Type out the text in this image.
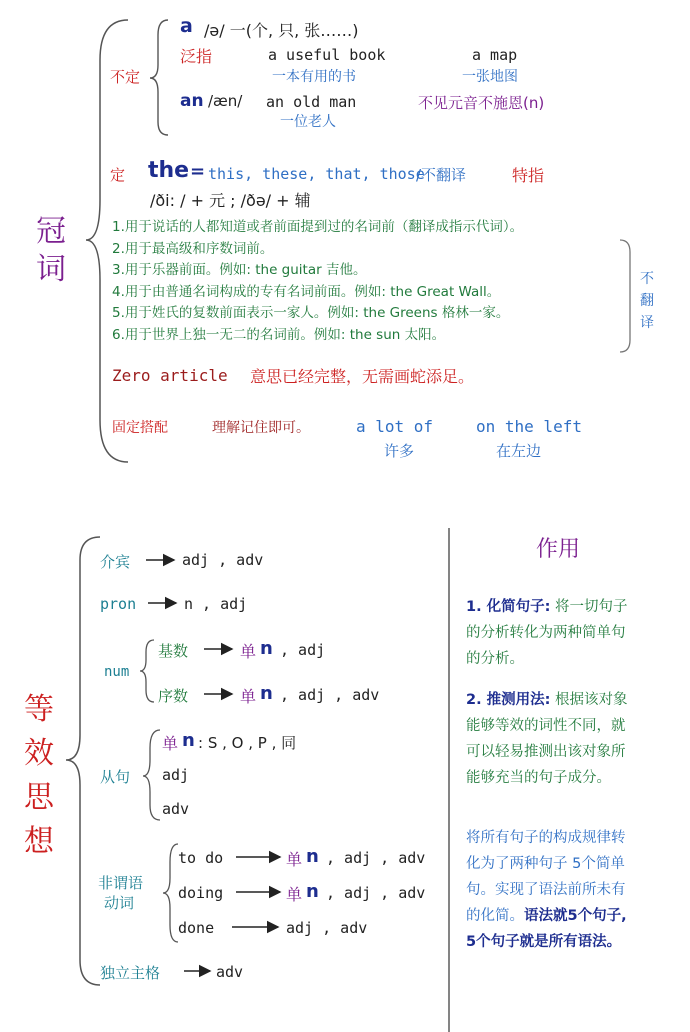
冠
词
不定
a /ə/ 一(个, 只, 张……)
泛指	a useful book
一本有用的书
a map
一张地图
an /æn/ an old man
一位老人
不见元音不施恩(n)
定 the = this, these, that, those
/不翻译	特指
/ði: / + 元 ; /ðə/ + 辅
1.用于说话的人都知道或者前面提到过的名词前（翻译成指示代词）。
2.用于最高级和序数词前。
3.用于乐器前面。例如: the guitar 吉他。
4.用于由普通名词构成的专有名词前面。例如: the Great Wall。
5.用于姓氏的复数前面表示一家人。例如: the Greens 格林一家。
6.用于世界上独一无二的名词前。例如: the sun 太阳。
不
翻
译
Zero article 意思已经完整，无需画蛇添足。
固定搭配	理解记住即可。	a lot of
许多
on the left
在左边
等
效
思
想
介宾	adj , adv
pron	n , adj
num
基数	单 n , adj
序数	单 n , adj , adv
从句
单 n : S , O , P , 同
adj
adv
非谓语
动词
to do	单 n , adj , adv
doing	单 n , adj , adv
done	adj , adv
独立主格	adv
作用
1. 化简句子: 将一切句子
的分析转化为两种简单句
的分析。
2. 推测用法: 根据该对象
能够等效的词性不同，就
可以轻易推测出该对象所
能够充当的句子成分。
将所有句子的构成规律转
化为了两种句子 5个简单
句。实现了语法前所未有
的化简。语法就5个句子,
5个句子就是所有语法。
